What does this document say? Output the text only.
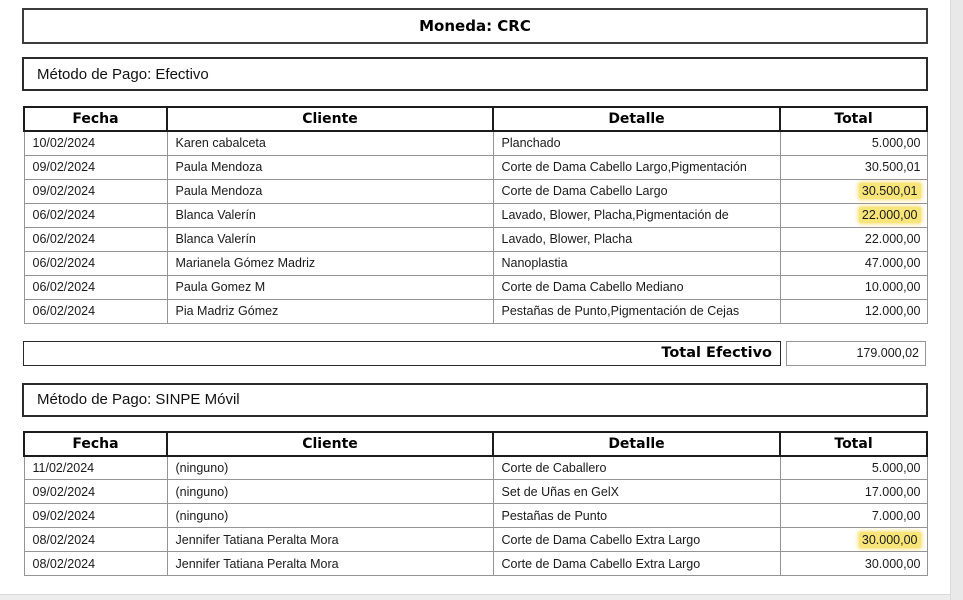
Moneda: CRC
Método de Pago: Efectivo
Fecha	Cliente	Detalle	Total
10/02/2024	Karen cabalceta	Planchado	5.000,00
09/02/2024	Paula Mendoza	Corte de Dama Cabello Largo,Pigmentación	30.500,01
09/02/2024	Paula Mendoza	Corte de Dama Cabello Largo	30.500,01
06/02/2024	Blanca Valerín	Lavado, Blower, Placha,Pigmentación de	22.000,00
06/02/2024	Blanca Valerín	Lavado, Blower, Placha	22.000,00
06/02/2024	Marianela Gómez Madriz	Nanoplastia	47.000,00
06/02/2024	Paula Gomez M	Corte de Dama Cabello Mediano	10.000,00
06/02/2024	Pia Madriz Gómez	Pestañas de Punto,Pigmentación de Cejas	12.000,00
Total Efectivo	179.000,02
Método de Pago: SINPE Móvil
Fecha	Cliente	Detalle	Total
11/02/2024	(ninguno)	Corte de Caballero	5.000,00
09/02/2024	(ninguno)	Set de Uñas en GelX	17.000,00
09/02/2024	(ninguno)	Pestañas de Punto	7.000,00
08/02/2024	Jennifer Tatiana Peralta Mora	Corte de Dama Cabello Extra Largo	30.000,00
08/02/2024	Jennifer Tatiana Peralta Mora	Corte de Dama Cabello Extra Largo	30.000,00
